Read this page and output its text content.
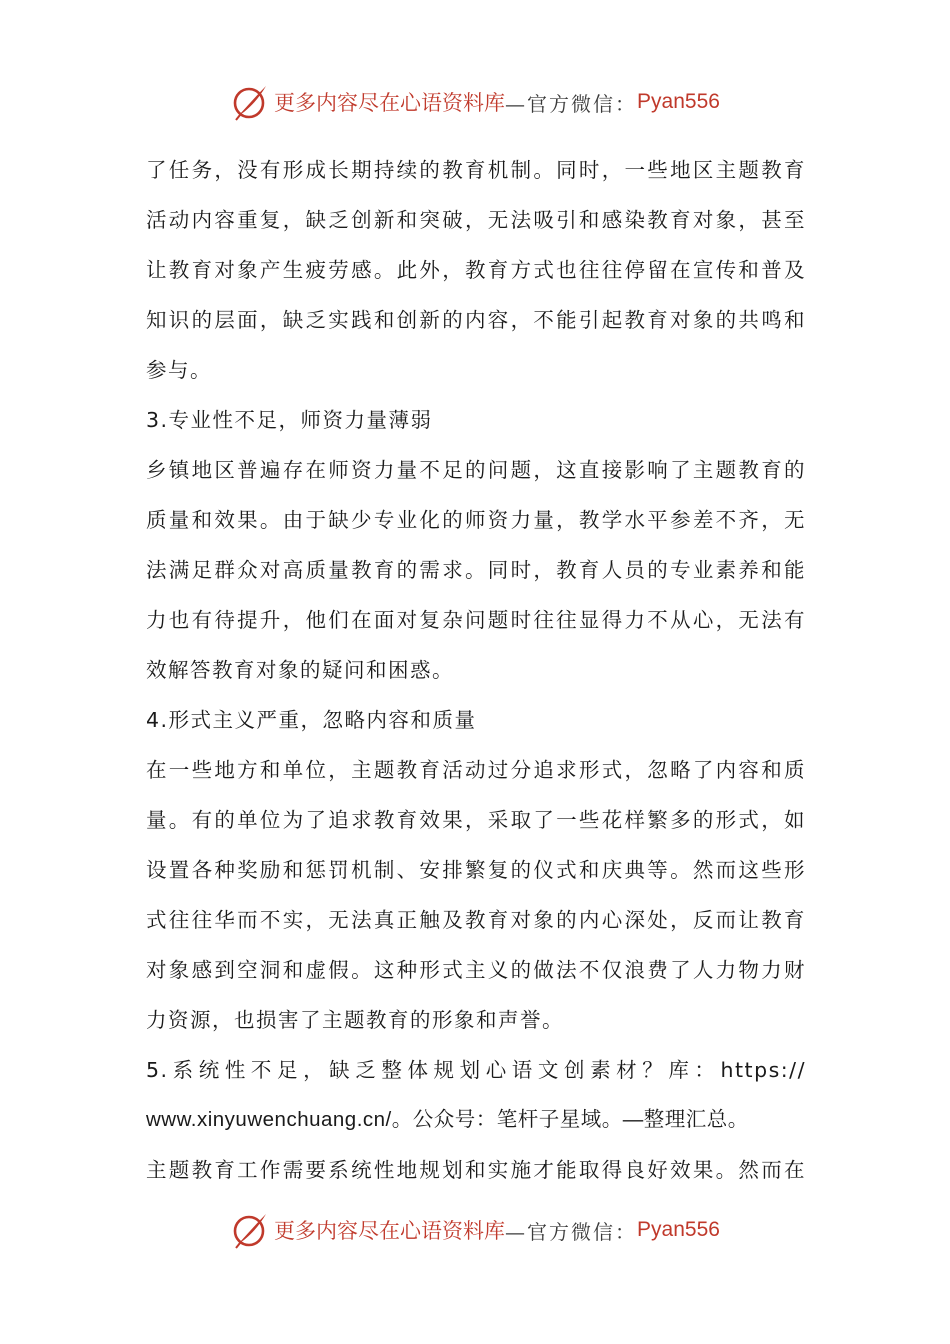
更多内容尽在心语资料库 —官方微信： Pyan556
了任务，没有形成长期持续的教育机制。同时，一些地区主题教育
活动内容重复，缺乏创新和突破，无法吸引和感染教育对象，甚至
让教育对象产生疲劳感。此外，教育方式也往往停留在宣传和普及
知识的层面，缺乏实践和创新的内容，不能引起教育对象的共鸣和
参与。
3.专业性不足，师资力量薄弱
乡镇地区普遍存在师资力量不足的问题，这直接影响了主题教育的
质量和效果。由于缺少专业化的师资力量，教学水平参差不齐，无
法满足群众对高质量教育的需求。同时，教育人员的专业素养和能
力也有待提升，他们在面对复杂问题时往往显得力不从心，无法有
效解答教育对象的疑问和困惑。
4.形式主义严重，忽略内容和质量
在一些地方和单位，主题教育活动过分追求形式，忽略了内容和质
量。有的单位为了追求教育效果，采取了一些花样繁多的形式，如
设置各种奖励和惩罚机制、安排繁复的仪式和庆典等。然而这些形
式往往华而不实，无法真正触及教育对象的内心深处，反而让教育
对象感到空洞和虚假。这种形式主义的做法不仅浪费了人力物力财
力资源，也损害了主题教育的形象和声誉。
5.系统性不足，缺乏整体规划心语文创素材？库：https://
www.xinyuwenchuang.cn/。公众号：笔杆子星域。—整理汇总。
主题教育工作需要系统性地规划和实施才能取得良好效果。然而在
更多内容尽在心语资料库 —官方微信： Pyan556
